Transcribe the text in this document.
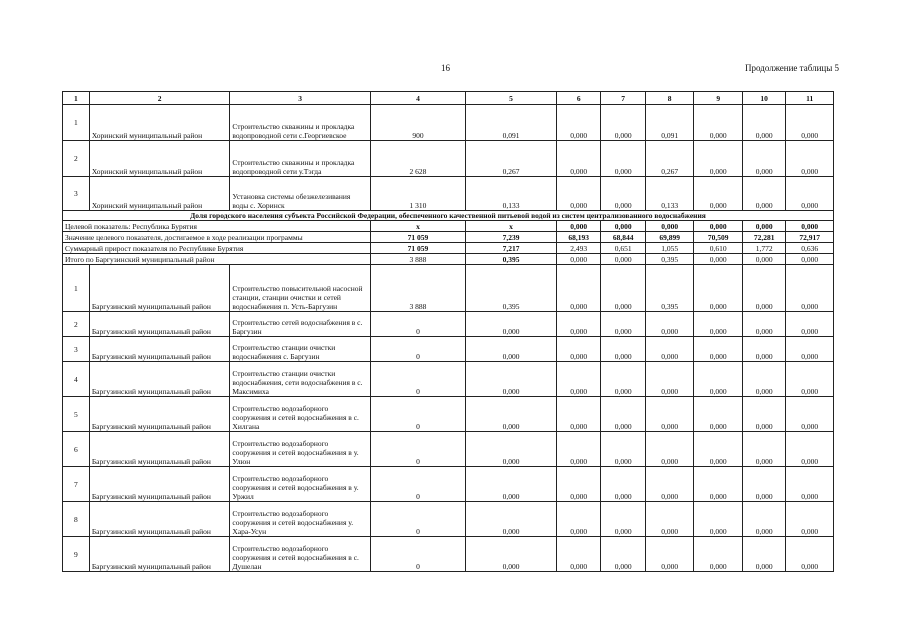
16	Продолжение таблицы 5
1	2	3	4	5	6	7	8	9	10	11
1	Хоринский муниципальный район	Строительство скважины и прокладка водопроводной сети с.Георгиевское	900	0,091	0,000	0,000	0,091	0,000	0,000	0,000
2	Хоринский муниципальный район	Строительство скважины и прокладка водопроводной сети у.Тэгда	2 628	0,267	0,000	0,000	0,267	0,000	0,000	0,000
3	Хоринский муниципальный район	Установка системы обезжелезивания воды с. Хоринск	1 310	0,133	0,000	0,000	0,133	0,000	0,000	0,000
Доля городского населения субъекта Российской Федерации, обеспеченного качественной питьевой водой из систем централизованного водоснабжения										
Целевой показатель: Республика Бурятия			x	x	0,000	0,000	0,000	0,000	0,000	0,000
Значение целевого показателя, достигаемое в ходе реализации программы			71 059	7,239	68,193	68,844	69,899	70,509	72,281	72,917
Суммарный прирост показателя по Республике Бурятия			71 059	7,217	2,493	0,651	1,055	0,610	1,772	0,636
Итого по Баргузинский муниципальный район			3 888	0,395	0,000	0,000	0,395	0,000	0,000	0,000
1	Баргузинский муниципальный район	Строительство повысительной насосной станции, станции очистки и сетей водоснабжения п. Усть-Баргузин	3 888	0,395	0,000	0,000	0,395	0,000	0,000	0,000
2	Баргузинский муниципальный район	Строительство сетей водоснабжения в с. Баргузин	0	0,000	0,000	0,000	0,000	0,000	0,000	0,000
3	Баргузинский муниципальный район	Строительство станции очистки водоснабжения с. Баргузин	0	0,000	0,000	0,000	0,000	0,000	0,000	0,000
4	Баргузинский муниципальный район	Строительство станции очистки водоснабжения, сети водоснабжения в с. Максимиха	0	0,000	0,000	0,000	0,000	0,000	0,000	0,000
5	Баргузинский муниципальный район	Строительство водозаборного сооружения и сетей водоснабжения в с. Хилгана	0	0,000	0,000	0,000	0,000	0,000	0,000	0,000
6	Баргузинский муниципальный район	Строительство водозаборного сооружения и сетей водоснабжения в у. Улюн	0	0,000	0,000	0,000	0,000	0,000	0,000	0,000
7	Баргузинский муниципальный район	Строительство водозаборного сооружения и сетей водоснабжения в у. Уржил	0	0,000	0,000	0,000	0,000	0,000	0,000	0,000
8	Баргузинский муниципальный район	Строительство водозаборного сооружения и сетей водоснабжения у. Хара-Усун	0	0,000	0,000	0,000	0,000	0,000	0,000	0,000
9	Баргузинский муниципальный район	Строительство водозаборного сооружения и сетей водоснабжения в с. Душелан	0	0,000	0,000	0,000	0,000	0,000	0,000	0,000
